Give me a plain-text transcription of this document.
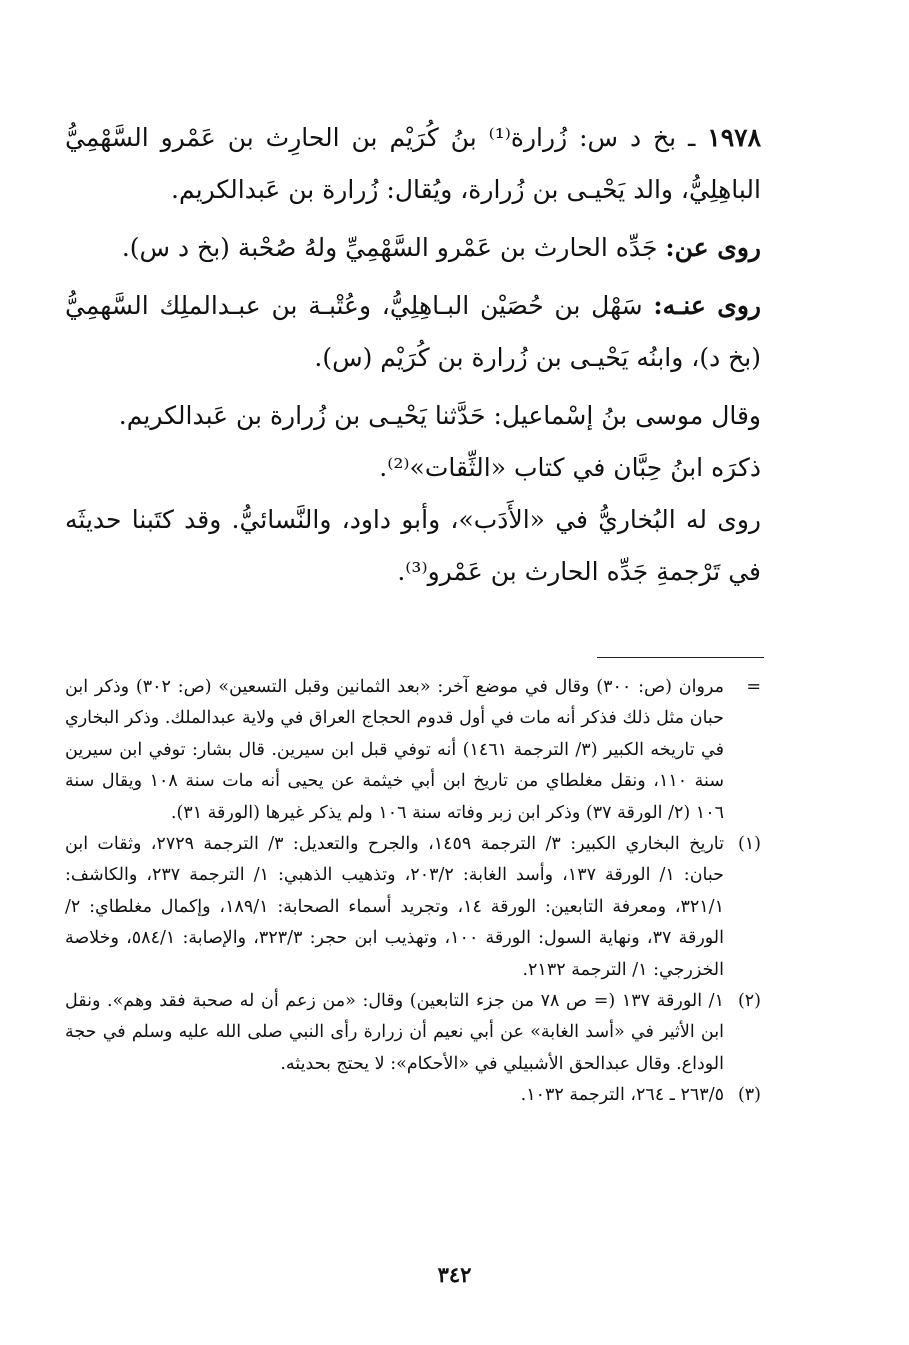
١٩٧٨ ـ بخ د س: زُرارة⁽¹⁾ بنُ كُرَيْم بن الحارِث بن عَمْرو السَّهْمِيُّ الباهِلِيُّ، والد يَحْيـى بن زُرارة، ويُقال: زُرارة بن عَبدالكريم.

روى عن: جَدِّه الحارث بن عَمْرو السَّهْمِيِّ ولهُ صُحْبة (بخ د س).

روى عنـه: سَهْل بن حُصَيْن البـاهِلِيُّ، وعُتْبـة بن عبـدالملِك السَّهمِيُّ (بخ د)، وابنُه يَحْيـى بن زُرارة بن كُرَيْم (س).

وقال موسى بنُ إسْماعيل: حَدَّثنا يَحْيـى بن زُرارة بن عَبدالكريم.

ذكرَه ابنُ حِبَّان في كتاب «الثِّقات»⁽²⁾.

روى له البُخاريُّ في «الأَدَب»، وأبو داود، والنَّسائيُّ. وقد كتَبنا حديثَه في تَرْجمةِ جَدِّه الحارث بن عَمْرو⁽³⁾.

=
مروان (ص: ٣٠٠) وقال في موضع آخر: «بعد الثمانين وقبل التسعين» (ص: ٣٠٢) وذكر ابن حبان مثل ذلك فذكر أنه مات في أول قدوم الحجاج العراق في ولاية عبدالملك. وذكر البخاري في تاريخه الكبير (٣/ الترجمة ١٤٦١) أنه توفي قبل ابن سيرين. قال بشار: توفي ابن سيرين سنة ١١٠، ونقل مغلطاي من تاريخ ابن أبي خيثمة عن يحيى أنه مات سنة ١٠٨ ويقال سنة ١٠٦ (٢/ الورقة ٣٧) وذكر ابن زبر وفاته سنة ١٠٦ ولم يذكر غيرها (الورقة ٣١).

(١)
تاريخ البخاري الكبير: ٣/ الترجمة ١٤٥٩، والجرح والتعديل: ٣/ الترجمة ٢٧٢٩، وثقات ابن حبان: ١/ الورقة ١٣٧، وأسد الغابة: ٢٠٣/٢، وتذهيب الذهبي: ١/ الترجمة ٢٣٧، والكاشف: ٣٢١/١، ومعرفة التابعين: الورقة ١٤، وتجريد أسماء الصحابة: ١٨٩/١، وإكمال مغلطاي: ٢/ الورقة ٣٧، ونهاية السول: الورقة ١٠٠، وتهذيب ابن حجر: ٣٢٣/٣، والإصابة: ٥٨٤/١، وخلاصة الخزرجي: ١/ الترجمة ٢١٣٢.

(٢)
١/ الورقة ١٣٧ (= ص ٧٨ من جزء التابعين) وقال: «من زعم أن له صحبة فقد وهم». ونقل ابن الأثير في «أسد الغابة» عن أبي نعيم أن زرارة رأى النبي صلى الله عليه وسلم في حجة الوداع. وقال عبدالحق الأشبيلي في «الأحكام»: لا يحتج بحديثه.

(٣)
٢٦٣/٥ ـ ٢٦٤، الترجمة ١٠٣٢.

٣٤٢
